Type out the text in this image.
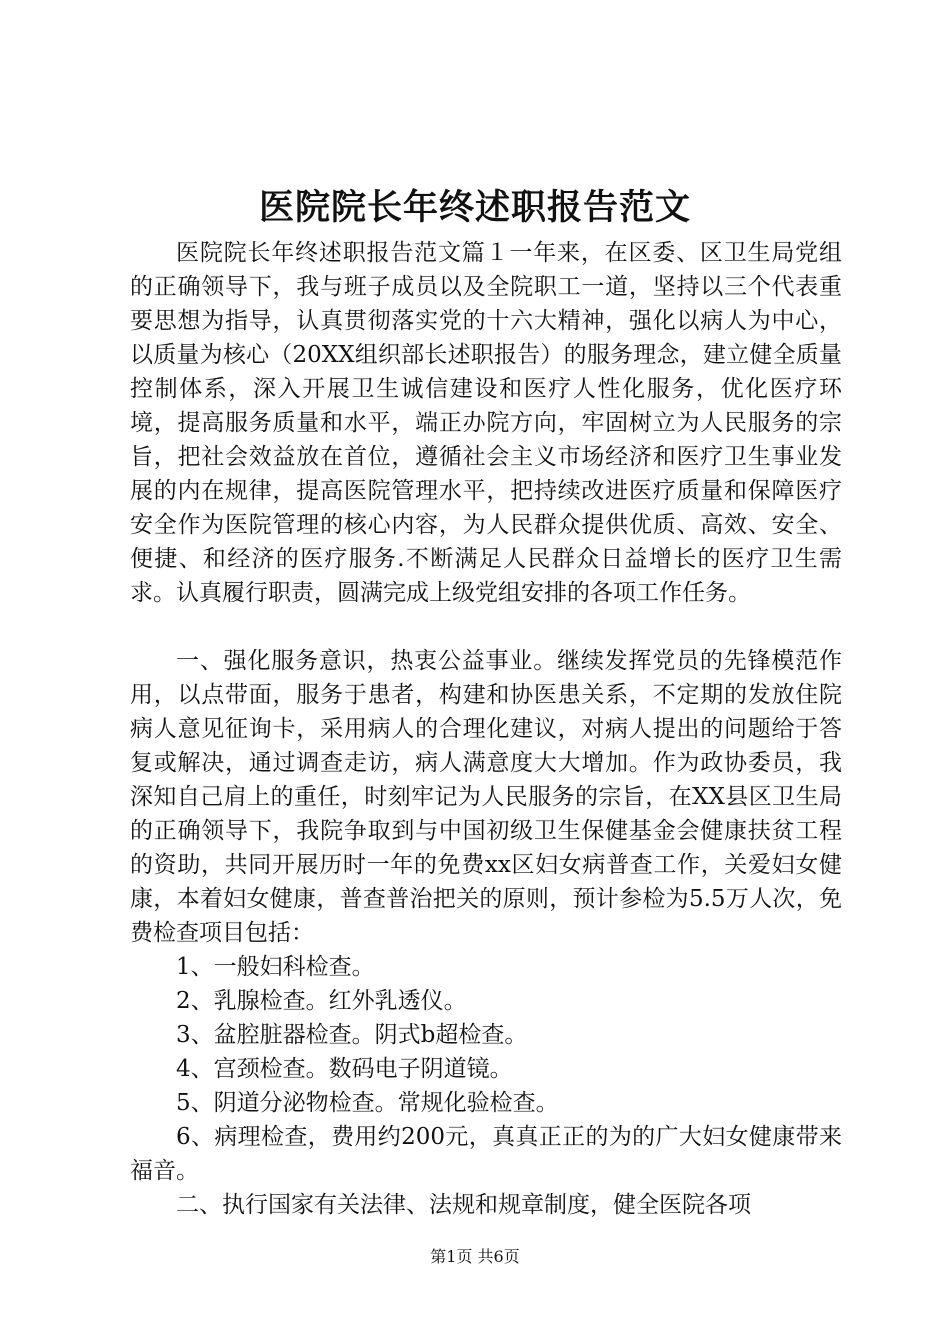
医院院长年终述职报告范文

医院院长年终述职报告范文篇１一年来，在区委、区卫生局党组的正确领导下，我与班子成员以及全院职工一道，坚持以三个代表重要思想为指导，认真贯彻落实党的十六大精神，强化以病人为中心，以质量为核心（20XX组织部长述职报告）的服务理念，建立健全质量控制体系，深入开展卫生诚信建设和医疗人性化服务，优化医疗环境，提高服务质量和水平，端正办院方向，牢固树立为人民服务的宗旨，把社会效益放在首位，遵循社会主义市场经济和医疗卫生事业发展的内在规律，提高医院管理水平，把持续改进医疗质量和保障医疗安全作为医院管理的核心内容，为人民群众提供优质、高效、安全、便捷、和经济的医疗服务.不断满足人民群众日益增长的医疗卫生需求。认真履行职责，圆满完成上级党组安排的各项工作任务。

一、强化服务意识，热衷公益事业。继续发挥党员的先锋模范作用，以点带面，服务于患者，构建和协医患关系，不定期的发放住院病人意见征询卡，采用病人的合理化建议，对病人提出的问题给于答复或解决，通过调查走访，病人满意度大大增加。作为政协委员，我深知自己肩上的重任，时刻牢记为人民服务的宗旨，在XX县区卫生局的正确领导下，我院争取到与中国初级卫生保健基金会健康扶贫工程的资助，共同开展历时一年的免费xx区妇女病普查工作，关爱妇女健康，本着妇女健康，普查普治把关的原则，预计参检为5.5万人次，免费检查项目包括：

1、一般妇科检查。

2、乳腺检查。红外乳透仪。

3、盆腔脏器检查。阴式b超检查。

4、宫颈检查。数码电子阴道镜。

5、阴道分泌物检查。常规化验检查。

6、病理检查，费用约200元，真真正正的为的广大妇女健康带来福音。

二、执行国家有关法律、法规和规章制度，健全医院各项

第1页 共6页
